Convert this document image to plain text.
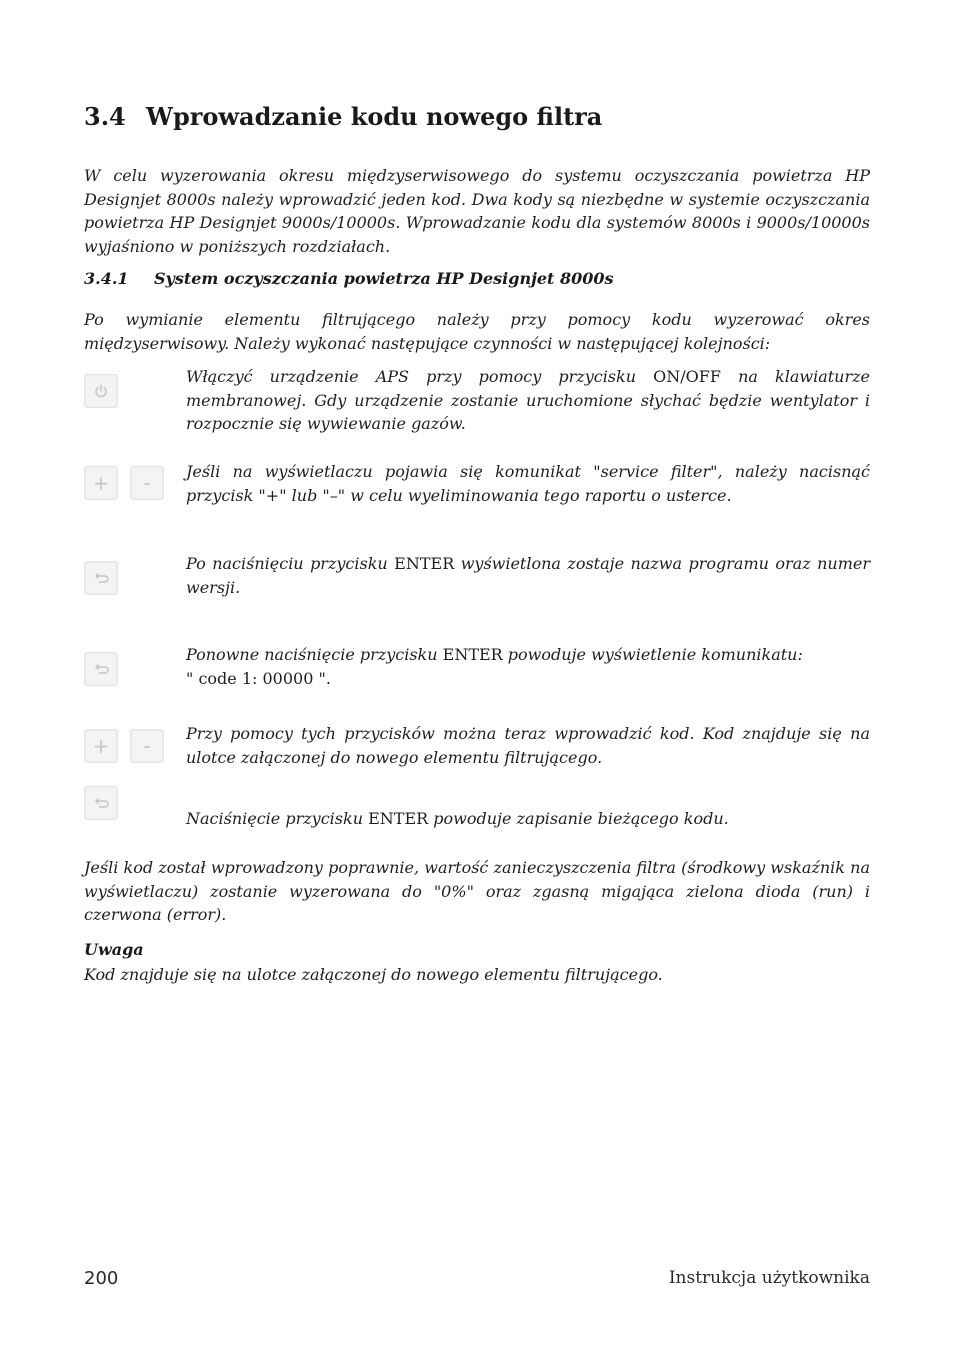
3.4 Wprowadzanie kodu nowego filtra

W celu wyzerowania okresu międzyserwisowego do systemu oczyszczania powietrza HP Designjet 8000s należy wprowadzić jeden kod. Dwa kody są niezbędne w systemie oczyszczania powietrza HP Designjet 9000s/10000s. Wprowadzanie kodu dla systemów 8000s i 9000s/10000s wyjaśniono w poniższych rozdziałach.

3.4.1 System oczyszczania powietrza HP Designjet 8000s

Po wymianie elementu filtrującego należy przy pomocy kodu wyzerować okres międzyserwisowy. Należy wykonać następujące czynności w następującej kolejności:

Włączyć urządzenie APS przy pomocy przycisku ON/OFF na klawiaturze membranowej. Gdy urządzenie zostanie uruchomione słychać będzie wentylator i rozpocznie się wywiewanie gazów.

+	-	Jeśli na wyświetlaczu pojawia się komunikat "service filter", należy nacisnąć przycisk "+" lub "–" w celu wyeliminowania tego raportu o usterce.

Po naciśnięciu przycisku ENTER wyświetlona zostaje nazwa programu oraz numer wersji.

Ponowne naciśnięcie przycisku ENTER powoduje wyświetlenie komunikatu:
" code 1: 00000 ".

+	-

Przy pomocy tych przycisków można teraz wprowadzić kod. Kod znajduje się na ulotce załączonej do nowego elementu filtrującego.

Naciśnięcie przycisku ENTER powoduje zapisanie bieżącego kodu.

Jeśli kod został wprowadzony poprawnie, wartość zanieczyszczenia filtra (środkowy wskaźnik na wyświetlaczu) zostanie wyzerowana do "0%" oraz zgasną migająca zielona dioda (run) i czerwona (error).

Uwaga

Kod znajduje się na ulotce załączonej do nowego elementu filtrującego.

200	Instrukcja użytkownika
